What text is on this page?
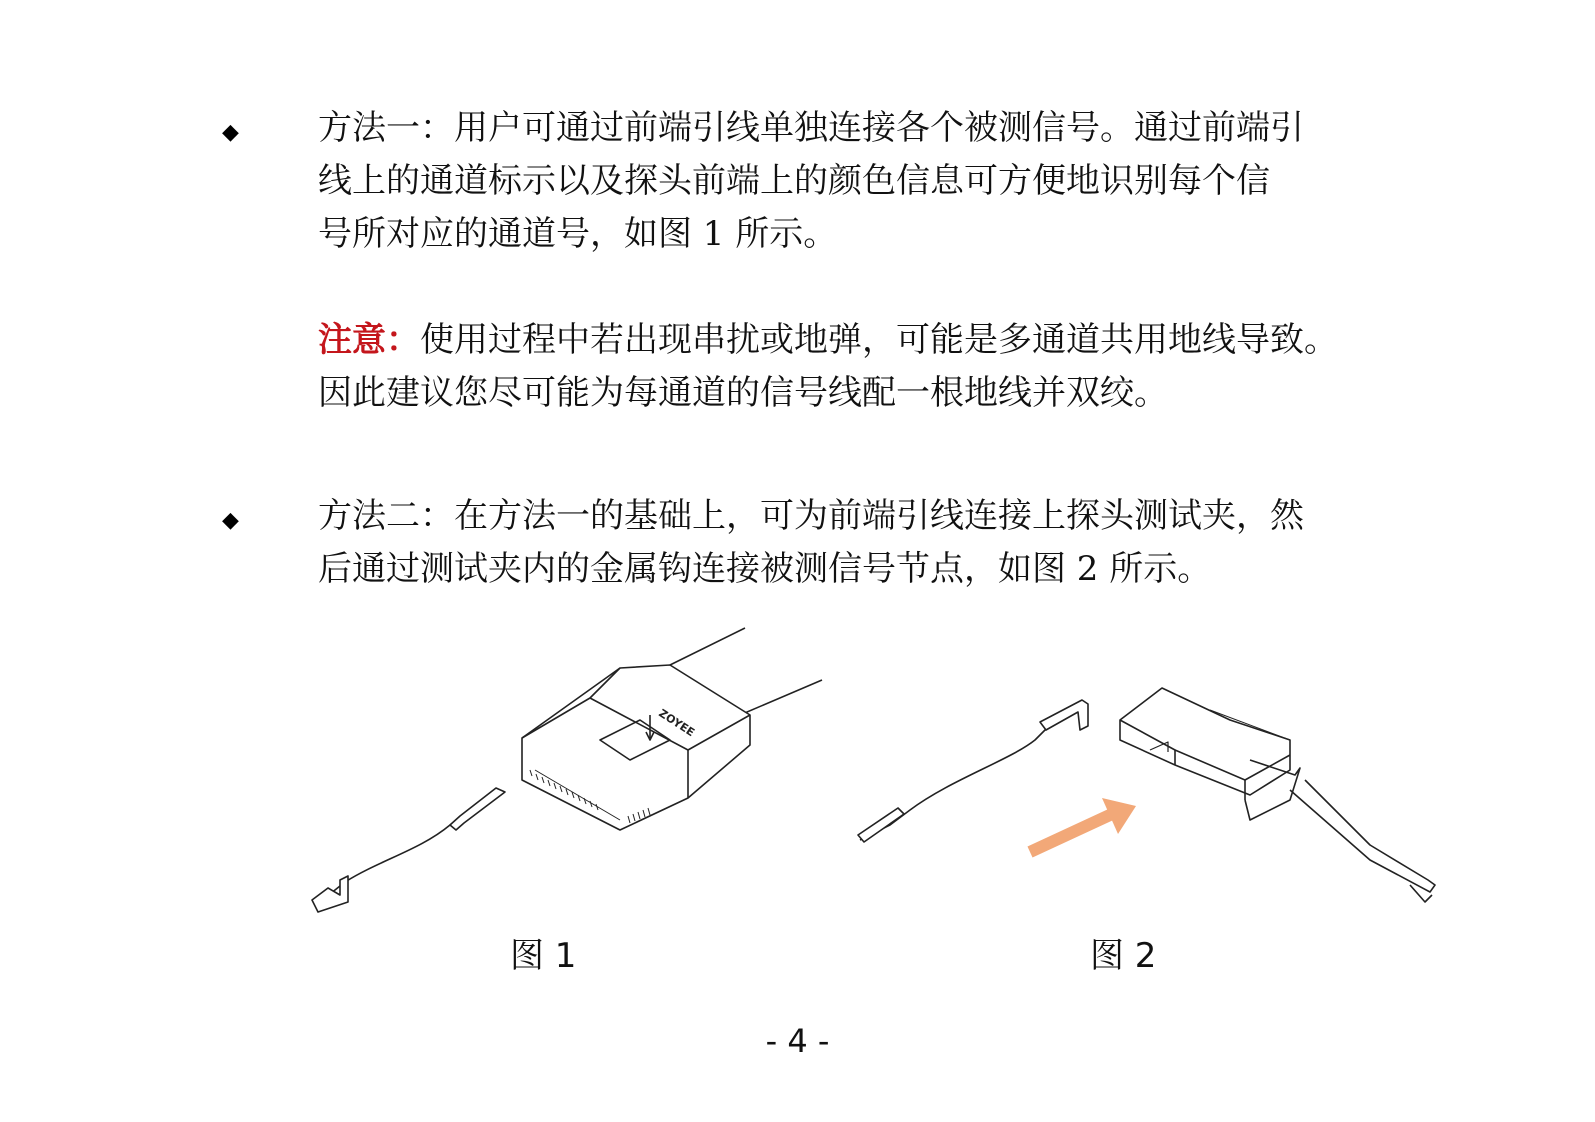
◆ 方法一：用户可通过前端引线单独连接各个被测信号。通过前端引
线上的通道标示以及探头前端上的颜色信息可方便地识别每个信
号所对应的通道号，如图 1 所示。

注意：使用过程中若出现串扰或地弹，可能是多通道共用地线导致。
因此建议您尽可能为每通道的信号线配一根地线并双绞。

◆ 方法二：在方法一的基础上，可为前端引线连接上探头测试夹，然
后通过测试夹内的金属钩连接被测信号节点，如图 2 所示。

ZOYEE
图 1	图 2
- 4 -
